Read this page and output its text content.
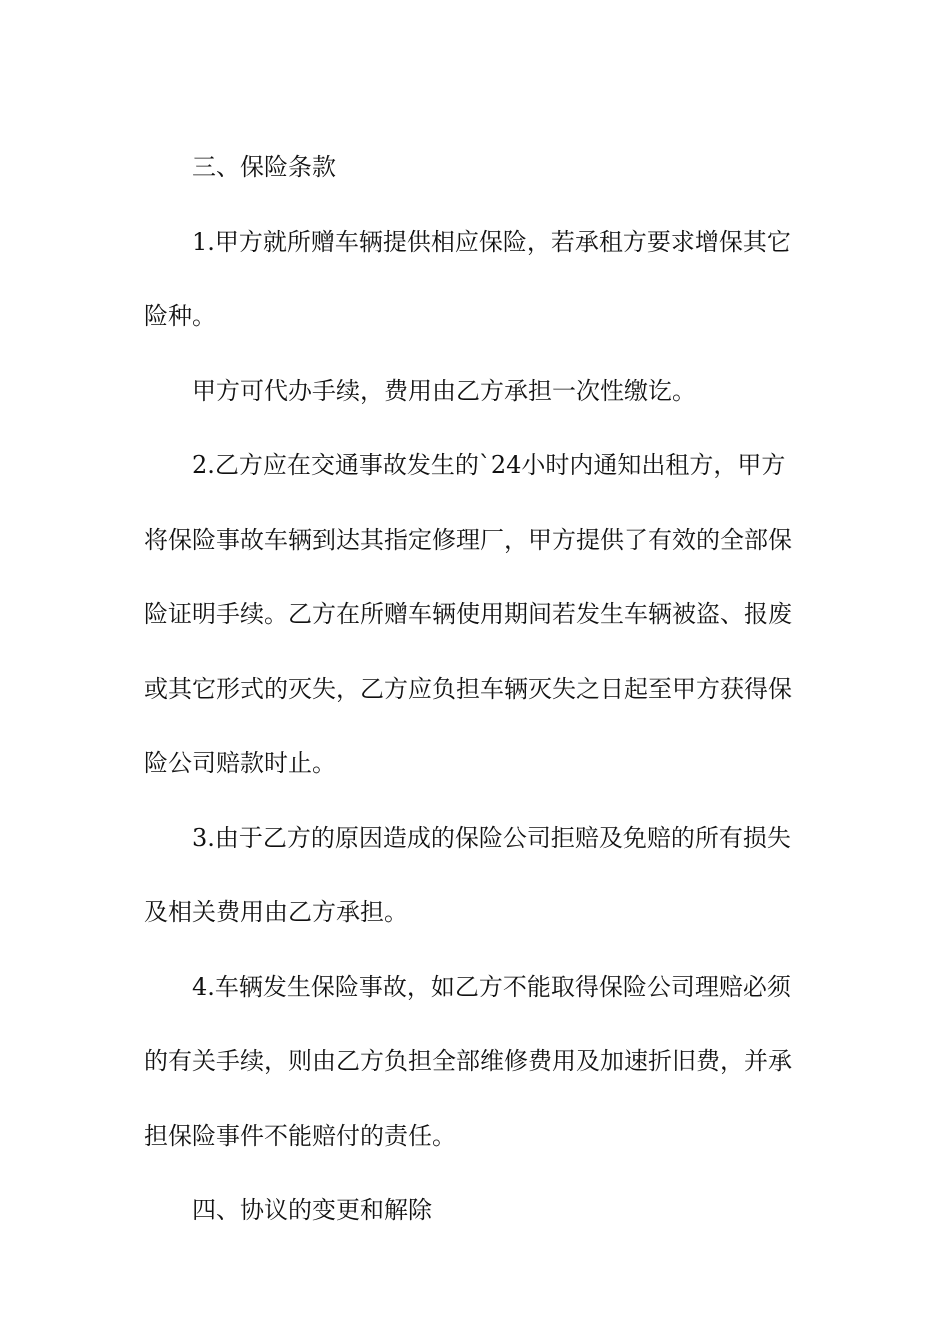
三、保险条款
1.甲方就所赠车辆提供相应保险，若承租方要求增保其它
险种。
甲方可代办手续，费用由乙方承担一次性缴讫。
2.乙方应在交通事故发生的`24小时内通知出租方，甲方
将保险事故车辆到达其指定修理厂，甲方提供了有效的全部保
险证明手续。乙方在所赠车辆使用期间若发生车辆被盗、报废
或其它形式的灭失，乙方应负担车辆灭失之日起至甲方获得保
险公司赔款时止。
3.由于乙方的原因造成的保险公司拒赔及免赔的所有损失
及相关费用由乙方承担。
4.车辆发生保险事故，如乙方不能取得保险公司理赔必须
的有关手续，则由乙方负担全部维修费用及加速折旧费，并承
担保险事件不能赔付的责任。
四、协议的变更和解除
